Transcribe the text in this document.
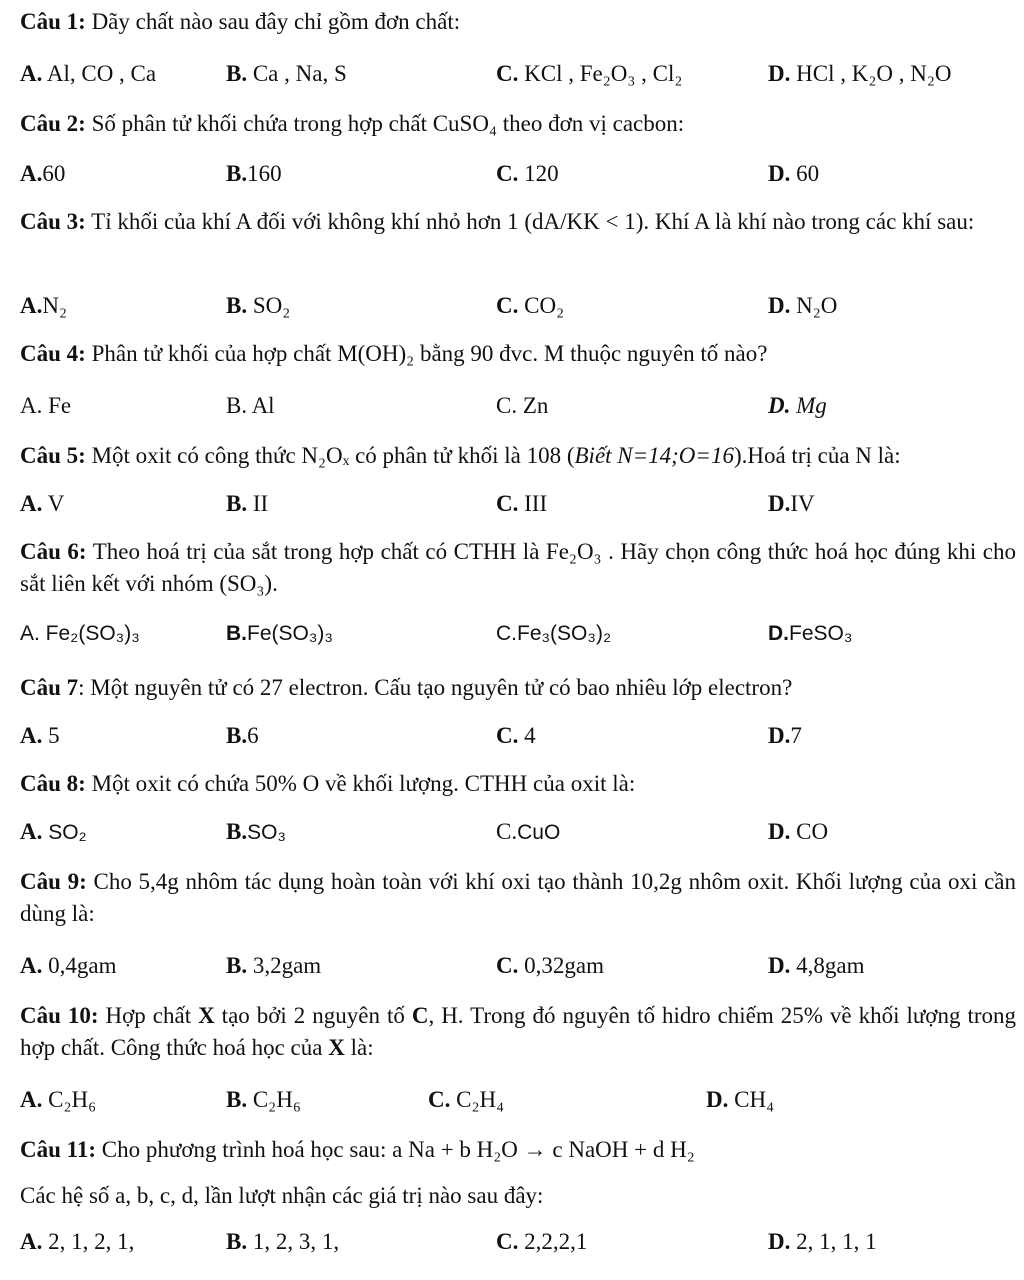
Câu 1: Dãy chất nào sau đây chỉ gồm đơn chất:

A. Al, CO , Ca	B. Ca , Na, S	C. KCl , Fe₂O₃ , Cl₂	D. HCl , K₂O , N₂O

Câu 2: Số phân tử khối chứa trong hợp chất CuSO₄ theo đơn vị cacbon:

A.60	B.160	C. 120	D. 60

Câu 3: Tỉ khối của khí A đối với không khí nhỏ hơn 1 (dA/KK < 1). Khí A là khí nào trong các khí sau:

A.N₂	B. SO₂	C. CO₂	D. N₂O

Câu 4: Phân tử khối của hợp chất M(OH)₂ bằng 90 đvc. M thuộc nguyên tố nào?

A. Fe	B. Al	C. Zn	D. Mg

Câu 5: Một oxit có công thức N₂Oₓ có phân tử khối là 108 (Biết N=14;O=16).Hoá trị của N là:

A. V	B. II	C. III	D.IV

Câu 6: Theo hoá trị của sắt trong hợp chất có CTHH là Fe₂O₃ . Hãy chọn công thức hoá học đúng khi cho sắt liên kết với nhóm (SO₃).

A. Fe₂(SO₃)₃	B.Fe(SO₃)₃	C.Fe₃(SO₃)₂	D.FeSO₃

Câu 7: Một nguyên tử có 27 electron. Cấu tạo nguyên tử có bao nhiêu lớp electron?

A. 5	B.6	C. 4	D.7

Câu 8: Một oxit có chứa 50% O về khối lượng. CTHH của oxit là:

A. SO₂	B.SO₃	C.CuO	D. CO

Câu 9: Cho 5,4g nhôm tác dụng hoàn toàn với khí oxi tạo thành 10,2g nhôm oxit. Khối lượng của oxi cần dùng là:

A. 0,4gam	B. 3,2gam	C. 0,32gam	D. 4,8gam

Câu 10: Hợp chất X tạo bởi 2 nguyên tố C, H. Trong đó nguyên tố hidro chiếm 25% về khối lượng trong hợp chất. Công thức hoá học của X là:

A. C₂H₆	B. C₂H₆	C. C₂H₄	D. CH₄

Câu 11: Cho phương trình hoá học sau: a Na + b H₂O → c NaOH + d H₂

Các hệ số a, b, c, d, lần lượt nhận các giá trị nào sau đây:

A. 2, 1, 2, 1,	B. 1, 2, 3, 1,	C. 2,2,2,1	D. 2, 1, 1, 1
